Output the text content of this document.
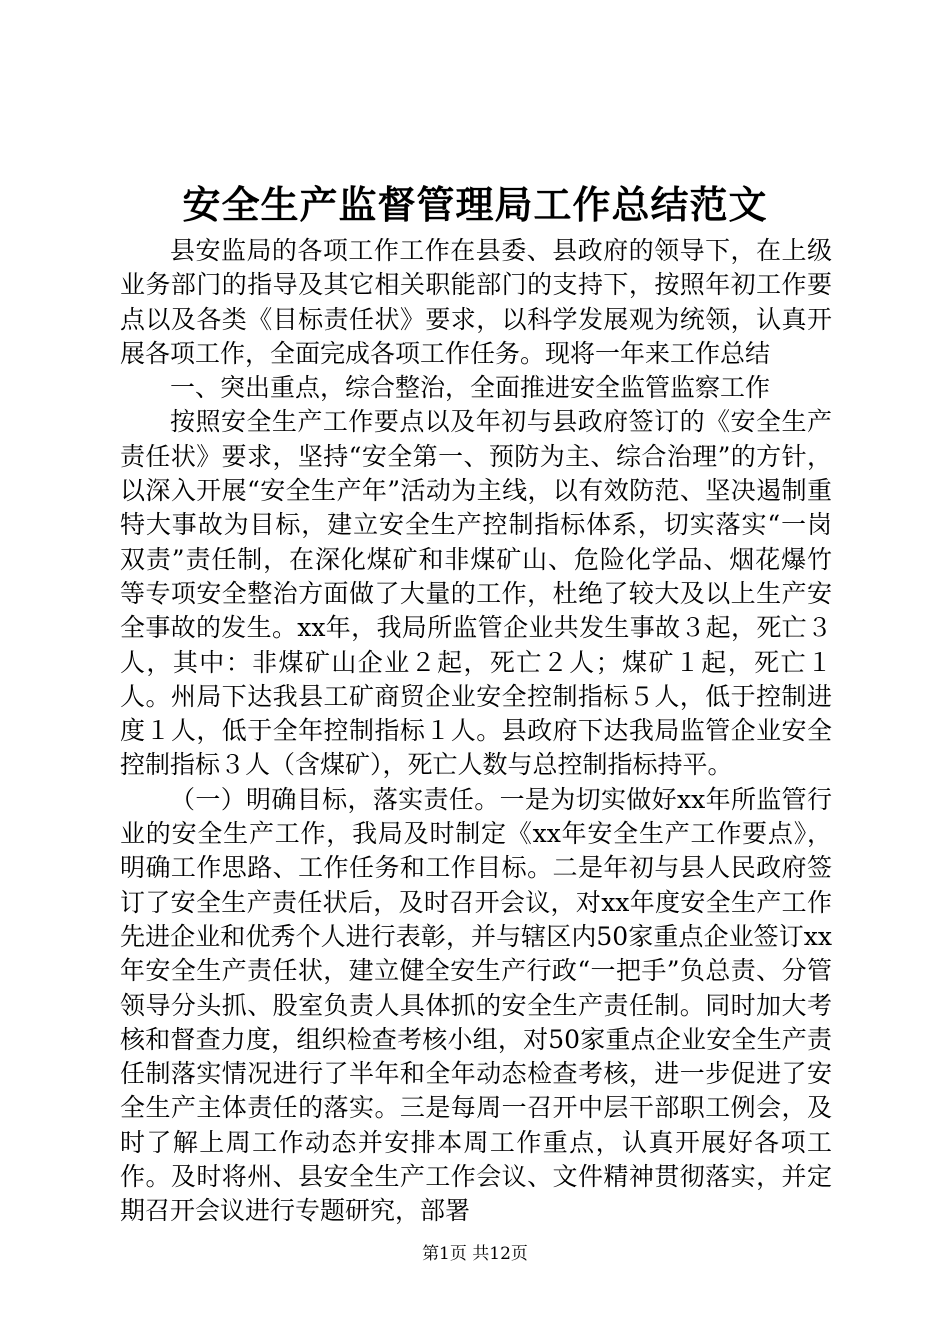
安全生产监督管理局工作总结范文

县安监局的各项工作工作在县委、县政府的领导下，在上级业务部门的指导及其它相关职能部门的支持下，按照年初工作要点以及各类《目标责任状》要求，以科学发展观为统领，认真开展各项工作，全面完成各项工作任务。现将一年来工作总结

一、突出重点，综合整治，全面推进安全监管监察工作

按照安全生产工作要点以及年初与县政府签订的《安全生产责任状》要求，坚持“安全第一、预防为主、综合治理”的方针，以深入开展“安全生产年”活动为主线，以有效防范、坚决遏制重特大事故为目标，建立安全生产控制指标体系，切实落实“一岗双责”责任制，在深化煤矿和非煤矿山、危险化学品、烟花爆竹等专项安全整治方面做了大量的工作，杜绝了较大及以上生产安全事故的发生。xx年，我局所监管企业共发生事故３起，死亡３人，其中：非煤矿山企业２起，死亡２人；煤矿１起，死亡１人。州局下达我县工矿商贸企业安全控制指标５人，低于控制进度１人，低于全年控制指标１人。县政府下达我局监管企业安全控制指标３人（含煤矿），死亡人数与总控制指标持平。

（一）明确目标，落实责任。一是为切实做好xx年所监管行业的安全生产工作，我局及时制定《xx年安全生产工作要点》，明确工作思路、工作任务和工作目标。二是年初与县人民政府签订了安全生产责任状后，及时召开会议，对xx年度安全生产工作先进企业和优秀个人进行表彰，并与辖区内50家重点企业签订xx年安全生产责任状，建立健全安生产行政“一把手”负总责、分管领导分头抓、股室负责人具体抓的安全生产责任制。同时加大考核和督查力度，组织检查考核小组，对50家重点企业安全生产责任制落实情况进行了半年和全年动态检查考核，进一步促进了安全生产主体责任的落实。三是每周一召开中层干部职工例会，及时了解上周工作动态并安排本周工作重点，认真开展好各项工作。及时将州、县安全生产工作会议、文件精神贯彻落实，并定期召开会议进行专题研究，部署

第1页 共12页
